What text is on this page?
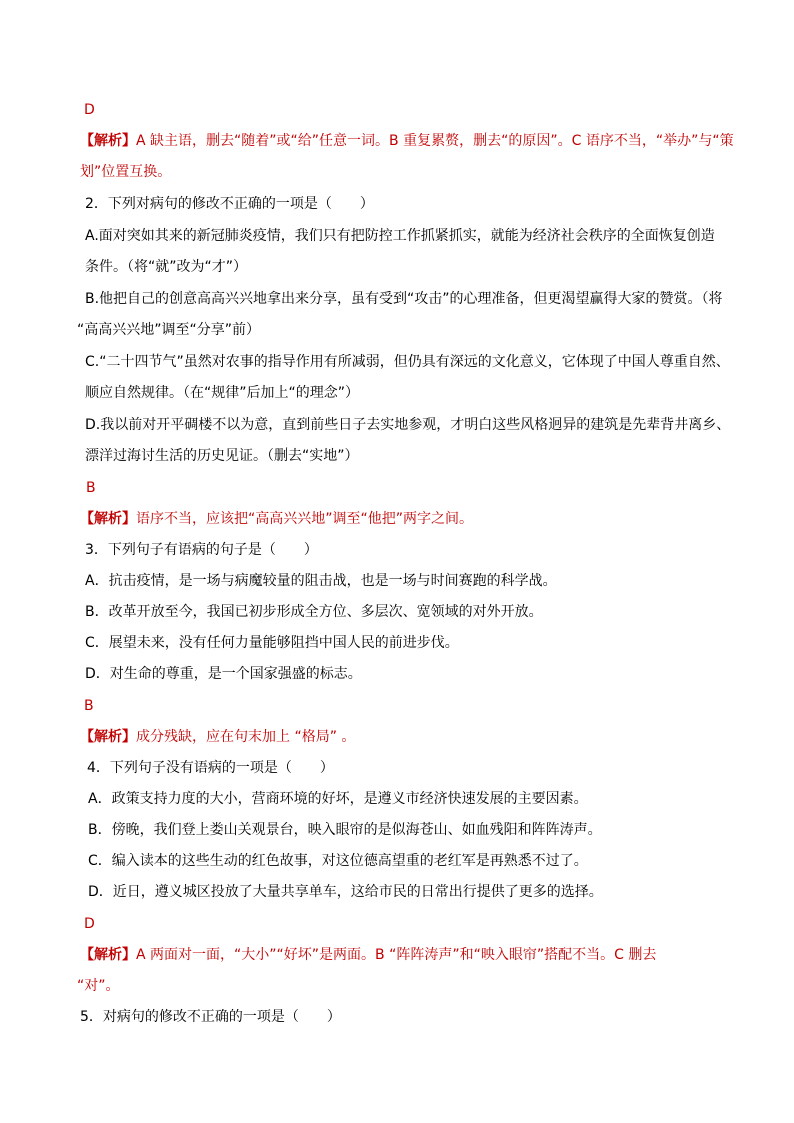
D
【解析】A 缺主语，删去“随着”或“给”任意一词。B 重复累赘，删去“的原因”。C 语序不当，“举办”与“策
划”位置互换。
2．下列对病句的修改不正确的一项是（　　）
A.面对突如其来的新冠肺炎疫情，我们只有把防控工作抓紧抓实，就能为经济社会秩序的全面恢复创造
条件。（将“就”改为“才”）
B.他把自己的创意高高兴兴地拿出来分享，虽有受到“攻击”的心理准备，但更渴望赢得大家的赞赏。（将
“高高兴兴地”调至“分享”前）
C.“二十四节气”虽然对农事的指导作用有所减弱，但仍具有深远的文化意义，它体现了中国人尊重自然、
顺应自然规律。（在“规律”后加上“的理念”）
D.我以前对开平碉楼不以为意，直到前些日子去实地参观，才明白这些风格迥异的建筑是先辈背井离乡、
漂洋过海讨生活的历史见证。（删去“实地”）
B
【解析】语序不当，应该把“高高兴兴地”调至“他把”两字之间。
3．下列句子有语病的句子是（　　）
A．抗击疫情，是一场与病魔较量的阻击战，也是一场与时间赛跑的科学战。
B．改革开放至今，我国已初步形成全方位、多层次、宽领域的对外开放。
C．展望未来，没有任何力量能够阻挡中国人民的前进步伐。
D．对生命的尊重，是一个国家强盛的标志。
B
【解析】成分残缺，应在句末加上 “格局” 。
4．下列句子没有语病的一项是（　　）
A．政策支持力度的大小，营商环境的好坏，是遵义市经济快速发展的主要因素。
B．傍晚，我们登上娄山关观景台，映入眼帘的是似海苍山、如血残阳和阵阵涛声。
C．编入读本的这些生动的红色故事，对这位德高望重的老红军是再熟悉不过了。
D．近日，遵义城区投放了大量共享单车，这给市民的日常出行提供了更多的选择。
D
【解析】A 两面对一面，“大小”“好坏”是两面。B “阵阵涛声”和“映入眼帘”搭配不当。C 删去
“对”。
5．对病句的修改不正确的一项是（　　）
